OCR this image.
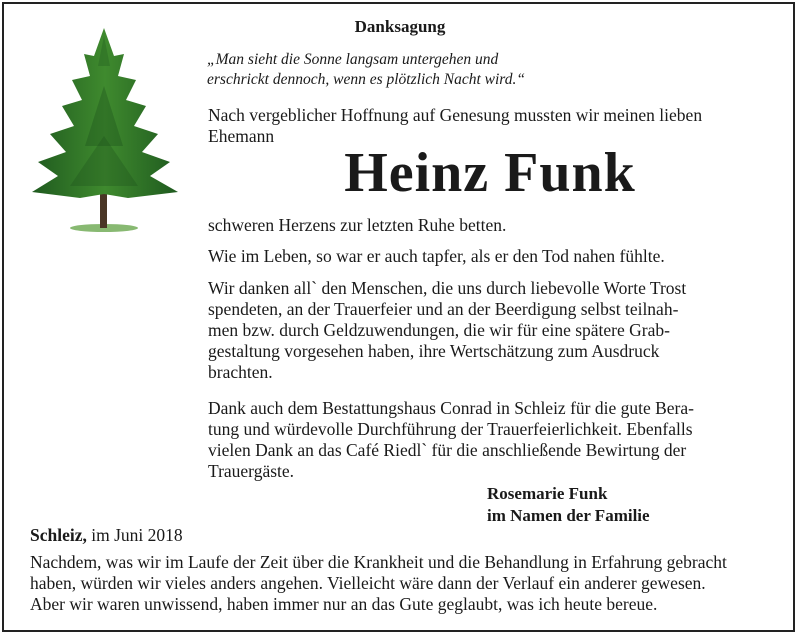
Danksagung
„Man sieht die Sonne langsam untergehen und
erschrickt dennoch, wenn es plötzlich Nacht wird.“
Nach vergeblicher Hoffnung auf Genesung mussten wir meinen lieben
Ehemann
Heinz Funk
schweren Herzens zur letzten Ruhe betten.
Wie im Leben, so war er auch tapfer, als er den Tod nahen fühlte.
Wir danken all` den Menschen, die uns durch liebevolle Worte Trost
spendeten, an der Trauerfeier und an der Beerdigung selbst teilnah-
men bzw. durch Geldzuwendungen, die wir für eine spätere Grab-
gestaltung vorgesehen haben, ihre Wertschätzung zum Ausdruck
brachten.
Dank auch dem Bestattungshaus Conrad in Schleiz für die gute Bera-
tung und würdevolle Durchführung der Trauerfeierlichkeit. Ebenfalls
vielen Dank an das Café Riedl` für die anschließende Bewirtung der
Trauergäste.
Rosemarie Funk
im Namen der Familie
Schleiz, im Juni 2018
Nachdem, was wir im Laufe der Zeit über die Krankheit und die Behandlung in Erfahrung gebracht
haben, würden wir vieles anders angehen. Vielleicht wäre dann der Verlauf ein anderer gewesen.
Aber wir waren unwissend, haben immer nur an das Gute geglaubt, was ich heute bereue.
